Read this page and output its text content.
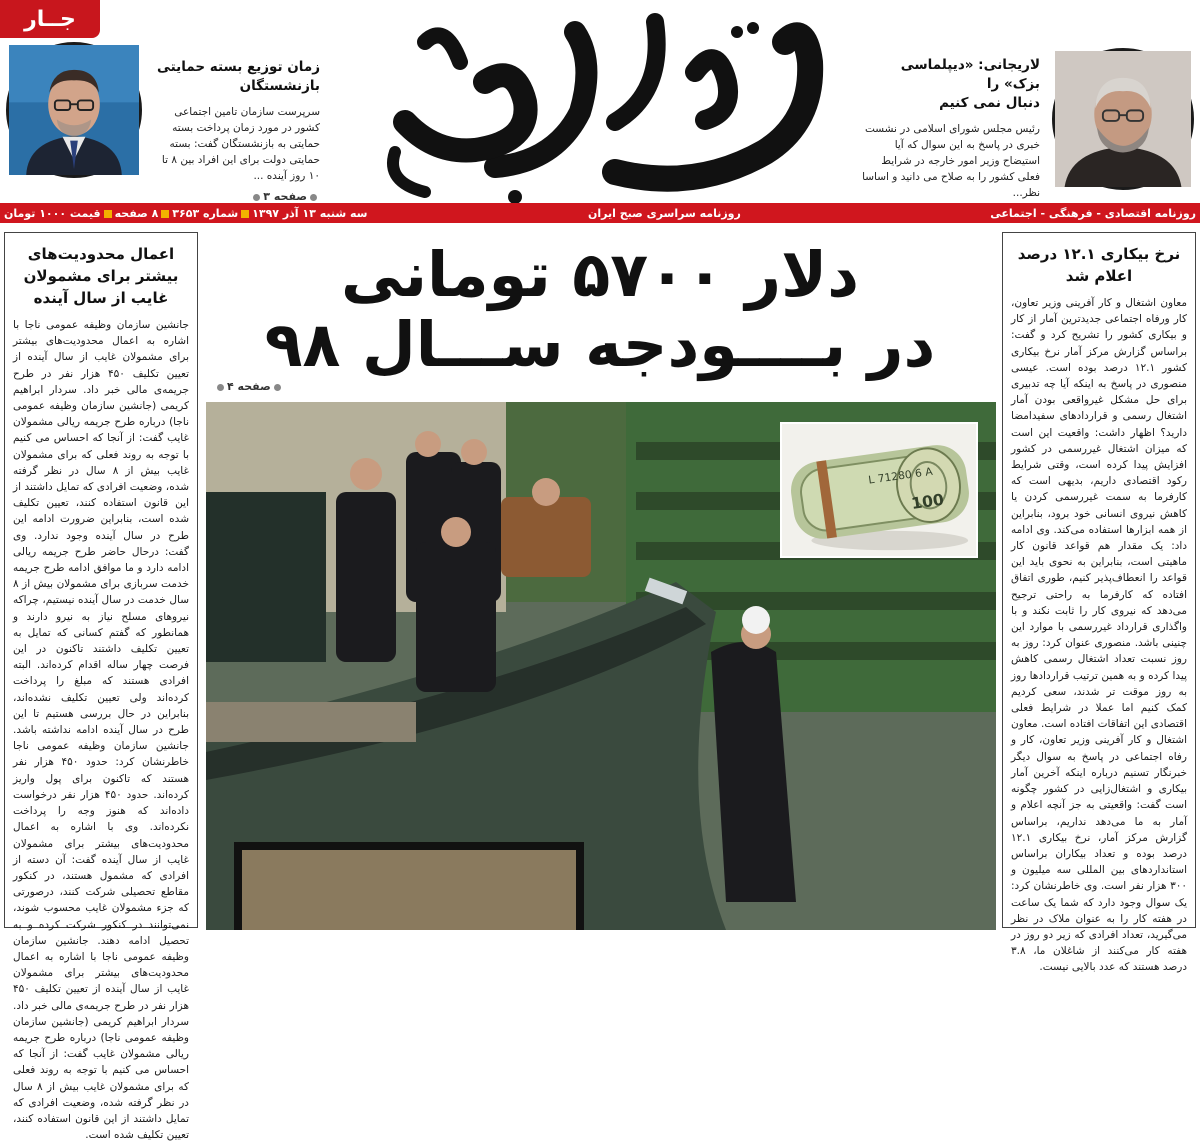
جــار
زمان توزیع بسته حمایتی
بازنشستگان
سرپرست سازمان تامین اجتماعی کشور در مورد زمان پرداخت بسته حمایتی به بازنشستگان گفت: بسته حمایتی دولت برای این افراد بین ۸ تا ۱۰ روز آینده ...
صفحه ۳
لاریجانی: «دیپلماسی بزک» را
دنبال نمی کنیم
رئیس مجلس شورای اسلامی در نشست خبری در پاسخ به این سوال که آیا استیضاح وزیر امور خارجه در شرایط فعلی کشور را به صلاح می دانید و اساسا نظر...
روزنامه اقتصادی - فرهنگی - اجتماعی
روزنامه سراسری صبح ایران
سه شنبه ۱۳ آذر ۱۳۹۷شماره ۳۶۵۳۸ صفحهقیمت ۱۰۰۰ تومان
اعمال محدودیت‌های بیشتر برای مشمولان غایب از سال آینده
جانشین سازمان وظیفه عمومی ناجا با اشاره به اعمال محدودیت‌های بیشتر برای مشمولان غایب از سال آینده از تعیین تکلیف ۴۵۰ هزار نفر در طرح جریمه‌ی مالی خبر داد. سردار ابراهیم کریمی (جانشین سازمان وظیفه عمومی ناجا) درباره طرح جریمه ریالی مشمولان غایب گفت: از آنجا که احساس می کنیم با توجه به روند فعلی که برای مشمولان غایب بیش از ۸ سال در نظر گرفته شده، وضعیت افرادی که تمایل داشتند از این قانون استفاده کنند، تعیین تکلیف شده است، بنابراین ضرورت ادامه این طرح در سال آینده وجود ندارد. وی گفت: درحال حاضر طرح جریمه ریالی ادامه دارد و ما موافق ادامه طرح جریمه خدمت سربازی برای مشمولان بیش از ۸ سال خدمت در سال آینده نیستیم، چراکه نیروهای مسلح نیاز به نیرو دارند و همانطور که گفتم کسانی که تمایل به تعیین تکلیف داشتند تاکنون در این فرصت چهار ساله اقدام کرده‌اند. البته افرادی هستند که مبلغ را پرداخت کرده‌اند ولی تعیین تکلیف نشده‌اند، بنابراین در حال بررسی هستیم تا این طرح در سال آینده ادامه نداشته باشد. جانشین سازمان وظیفه عمومی ناجا خاطرنشان کرد: حدود ۴۵۰ هزار نفر هستند که تاکنون برای پول واریز کرده‌اند. حدود ۴۵۰ هزار نفر درخواست داده‌اند که هنوز وجه را پرداخت نکرده‌اند. وی با اشاره به اعمال محدودیت‌های بیشتر برای مشمولان غایب از سال آینده گفت: آن دسته از افرادی که مشمول هستند، در کنکور مقاطع تحصیلی شرکت کنند، درصورتی که جزء مشمولان غایب محسوب شوند، نمی‌توانند در کنکور شرکت کرده و به تحصیل ادامه دهند. جانشین سازمان وظیفه عمومی ناجا با اشاره به اعمال محدودیت‌های بیشتر برای مشمولان غایب از سال آینده از تعیین تکلیف ۴۵۰ هزار نفر در طرح جریمه‌ی مالی خبر داد. سردار ابراهیم کریمی (جانشین سازمان وظیفه عمومی ناجا) درباره طرح جریمه ریالی مشمولان غایب گفت: از آنجا که احساس می کنیم با توجه به روند فعلی که برای مشمولان غایب بیش از ۸ سال در نظر گرفته شده، وضعیت افرادی که تمایل داشتند از این قانون استفاده کنند، تعیین تکلیف شده است.
نرخ بیکاری ۱۲.۱ درصد اعلام شد
معاون اشتغال و کار آفرینی وزیر تعاون، کار ورفاه اجتماعی جدیدترین آمار از کار و بیکاری کشور را تشریح کرد و گفت: براساس گزارش مرکز آمار نرخ بیکاری کشور ۱۲.۱ درصد بوده است. عیسی منصوری در پاسخ به اینکه آیا چه تدبیری برای حل مشکل غیرواقعی بودن آمار اشتغال رسمی و قراردادهای سفیدامضا دارید؟ اظهار داشت: واقعیت این است که میزان اشتغال غیررسمی در کشور افزایش پیدا کرده است، وقتی شرایط رکود اقتصادی داریم، بدیهی است که کارفرما به سمت غیررسمی کردن یا کاهش نیروی انسانی خود برود، بنابراین از همه ابزارها استفاده می‌کند. وی ادامه داد: یک مقدار هم قواعد قانون کار ماهیتی است، بنابراین به نحوی باید این قواعد را انعطاف‌پذیر کنیم، طوری اتفاق افتاده که کارفرما به راحتی ترجیح می‌دهد که نیروی کار را ثابت نکند و با واگذاری قرارداد غیررسمی با موارد این چنینی باشد. منصوری عنوان کرد: روز به روز نسبت تعداد اشتغال رسمی کاهش پیدا کرده و به همین ترتیب قراردادها روز به روز موقت تر شدند، سعی کردیم کمک کنیم اما عملا در شرایط فعلی اقتصادی این اتفاقات افتاده است. معاون اشتغال و کار آفرینی وزیر تعاون، کار و رفاه اجتماعی در پاسخ به سوال دیگر خبرنگار تسنیم درباره اینکه آخرین آمار بیکاری و اشتغال‌زایی در کشور چگونه است گفت: واقعیتی به جز آنچه اعلام و آمار به ما می‌دهد نداریم، براساس گزارش مرکز آمار، نرخ بیکاری ۱۲.۱ درصد بوده و تعداد بیکاران براساس استانداردهای بین المللی سه میلیون و ۳۰۰ هزار نفر است. وی خاطرنشان کرد: یک سوال وجود دارد که شما یک ساعت در هفته کار را به عنوان ملاک در نظر می‌گیرید، تعداد افرادی که زیر دو روز در هفته کار می‌کنند از شاغلان ما، ۳.۸ درصد هستند که عدد بالایی نیست.
دلار ۵۷۰۰ تومانی
در بــــودجه ســـال ۹۸
صفحه ۴
L 71280 6 A
100
